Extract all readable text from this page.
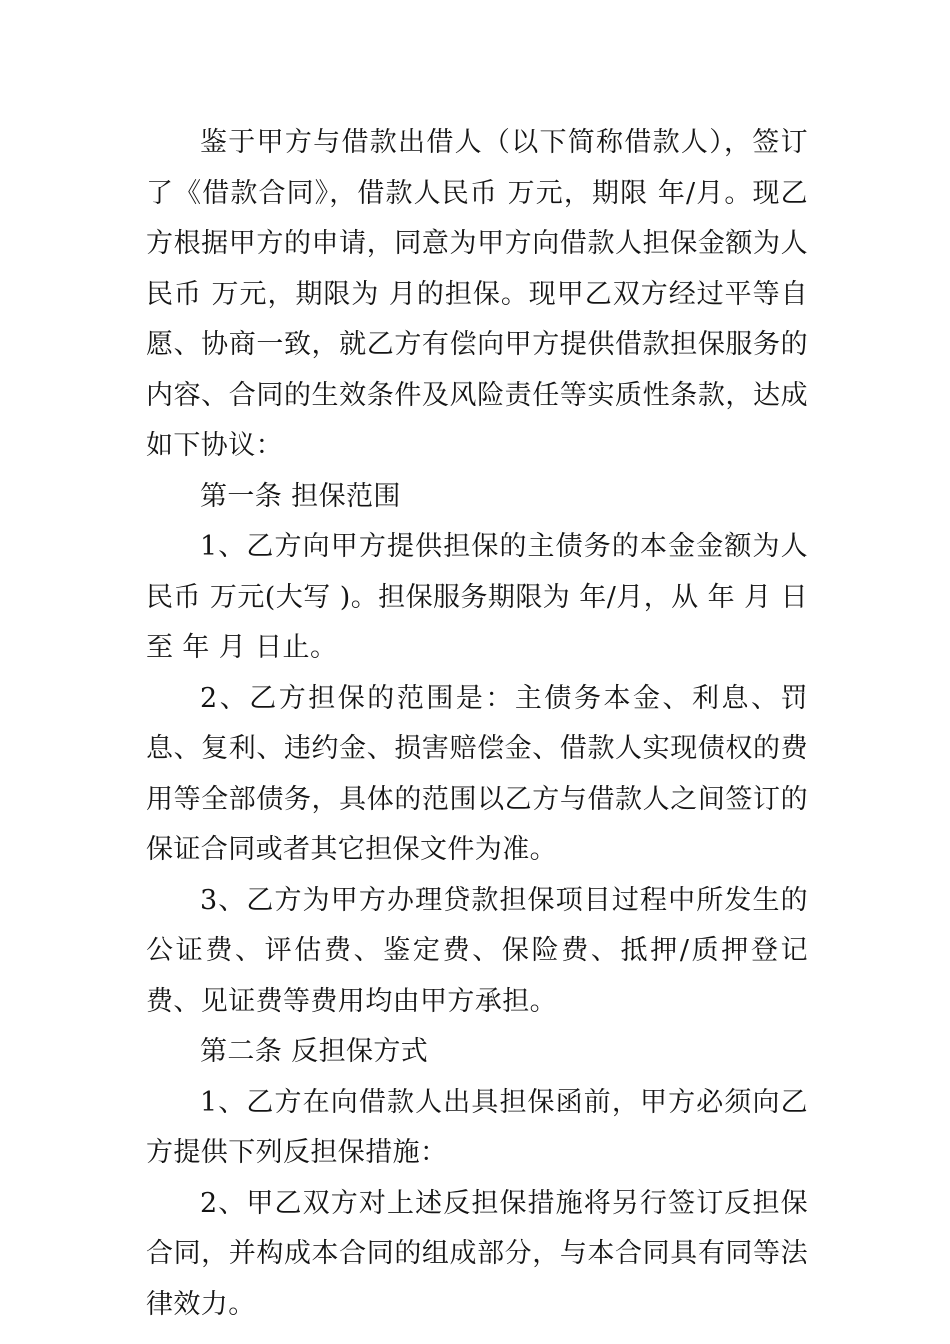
鉴于甲方与借款出借人（以下简称借款人），签订了《借款合同》，借款人民币 万元，期限 年/月。现乙方根据甲方的申请，同意为甲方向借款人担保金额为人民币 万元，期限为 月的担保。现甲乙双方经过平等自愿、协商一致，就乙方有偿向甲方提供借款担保服务的内容、合同的生效条件及风险责任等实质性条款，达成如下协议：

第一条 担保范围

1、乙方向甲方提供担保的主债务的本金金额为人民币 万元(大写 )。担保服务期限为 年/月，从 年 月 日至 年 月 日止。

2、乙方担保的范围是：主债务本金、利息、罚息、复利、违约金、损害赔偿金、借款人实现债权的费用等全部债务，具体的范围以乙方与借款人之间签订的保证合同或者其它担保文件为准。

3、乙方为甲方办理贷款担保项目过程中所发生的公证费、评估费、鉴定费、保险费、抵押/质押登记费、见证费等费用均由甲方承担。

第二条 反担保方式

1、乙方在向借款人出具担保函前，甲方必须向乙方提供下列反担保措施：

2、甲乙双方对上述反担保措施将另行签订反担保合同，并构成本合同的组成部分，与本合同具有同等法律效力。
